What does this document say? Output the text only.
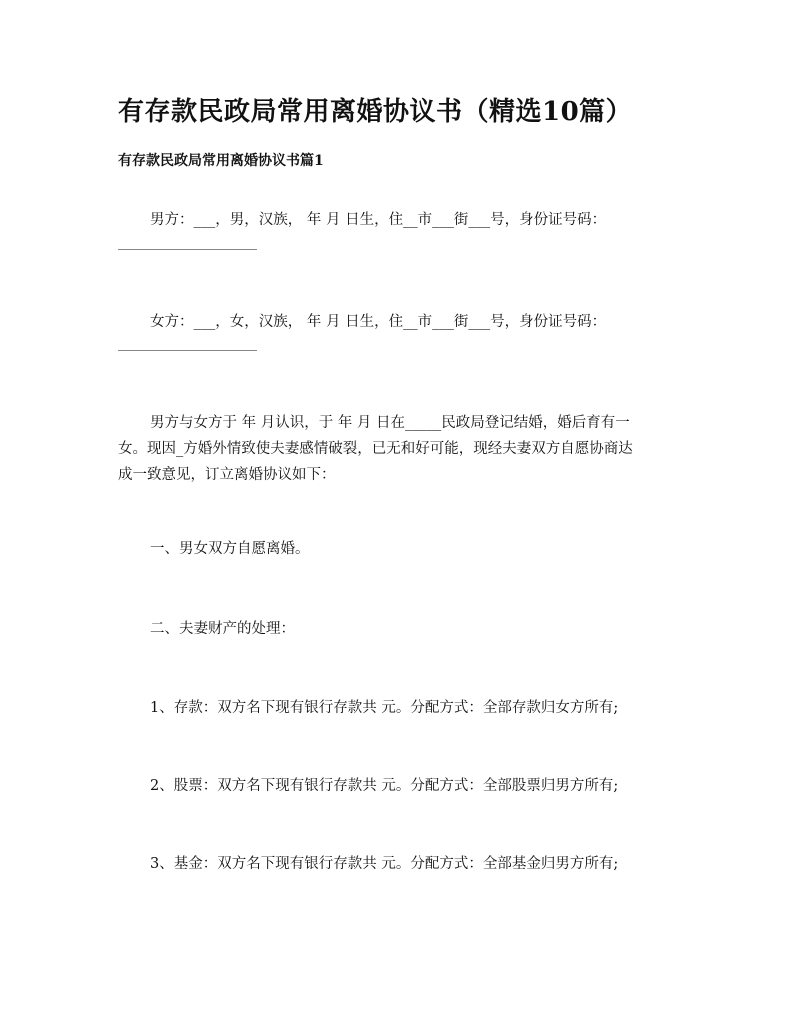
有存款民政局常用离婚协议书（精选10篇）
有存款民政局常用离婚协议书篇1
男方：___，男，汉族， 年 月 日生，住__市___街___号，身份证号码：
女方：___，女，汉族， 年 月 日生，住__市___街___号，身份证号码：
男方与女方于 年 月认识，于 年 月 日在_____民政局登记结婚，婚后育有一
女。现因_方婚外情致使夫妻感情破裂，已无和好可能，现经夫妻双方自愿协商达
成一致意见，订立离婚协议如下：
一、男女双方自愿离婚。
二、夫妻财产的处理：
1、存款：双方名下现有银行存款共 元。分配方式：全部存款归女方所有;
2、股票：双方名下现有银行存款共 元。分配方式：全部股票归男方所有;
3、基金：双方名下现有银行存款共 元。分配方式：全部基金归男方所有;
